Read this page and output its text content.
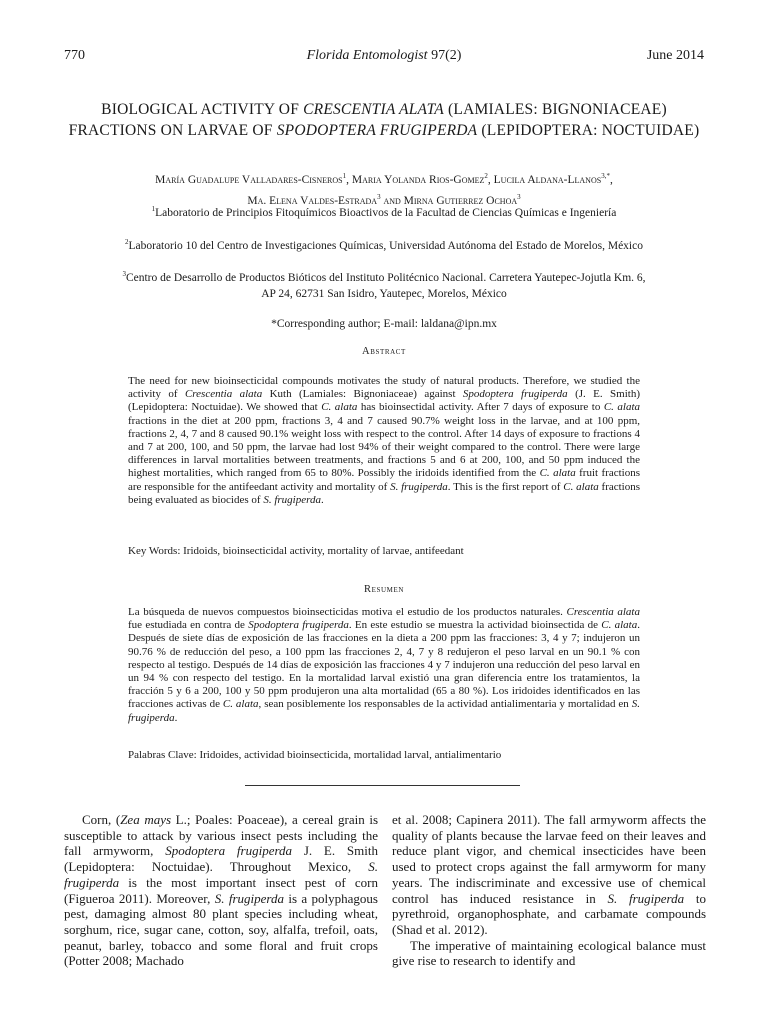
770	Florida Entomologist 97(2)	June 2014
BIOLOGICAL ACTIVITY OF CRESCENTIA ALATA (LAMIALES: BIGNONIACEAE) FRACTIONS ON LARVAE OF SPODOPTERA FRUGIPERDA (LEPIDOPTERA: NOCTUIDAE)
María Guadalupe Valladares-Cisneros$^1$, Maria Yolanda Rios-Gomez$^2$, Lucila Aldana-Llanos$^{3,*}$,
Ma. Elena Valdes-Estrada$^3$ and Mirna Gutierrez Ochoa$^3$
$^1$Laboratorio de Principios Fitoquímicos Bioactivos de la Facultad de Ciencias Químicas e Ingeniería
$^2$Laboratorio 10 del Centro de Investigaciones Químicas, Universidad Autónoma del Estado de Morelos, México
$^3$Centro de Desarrollo de Productos Bióticos del Instituto Politécnico Nacional. Carretera Yautepec-Jojutla Km. 6,
AP 24, 62731 San Isidro, Yautepec, Morelos, México
*Corresponding author; E-mail: laldana@ipn.mx
Abstract
The need for new bioinsecticidal compounds motivates the study of natural products. Therefore, we studied the activity of Crescentia alata Kuth (Lamiales: Bignoniaceae) against Spodoptera frugiperda (J. E. Smith) (Lepidoptera: Noctuidae). We showed that C. alata has bioinsectidal activity. After 7 days of exposure to C. alata fractions in the diet at 200 ppm, fractions 3, 4 and 7 caused 90.7% weight loss in the larvae, and at 100 ppm, fractions 2, 4, 7 and 8 caused 90.1% weight loss with respect to the control. After 14 days of exposure to fractions 4 and 7 at 200, 100, and 50 ppm, the larvae had lost 94% of their weight compared to the control. There were large differences in larval mortalities between treatments, and fractions 5 and 6 at 200, 100, and 50 ppm induced the highest mortalities, which ranged from 65 to 80%. Possibly the iridoids identified from the C. alata fruit fractions are responsible for the antifeedant activity and mortality of S. frugiperda. This is the first report of C. alata fractions being evaluated as biocides of S. frugiperda.
Key Words: Iridoids, bioinsecticidal activity, mortality of larvae, antifeedant
Resumen
La búsqueda de nuevos compuestos bioinsecticidas motiva el estudio de los productos naturales. Crescentia alata fue estudiada en contra de Spodoptera frugiperda. En este estudio se muestra la actividad bioinsectida de C. alata. Después de siete días de exposición de las fracciones en la dieta a 200 ppm las fracciones: 3, 4 y 7; indujeron un 90.76 % de reducción del peso, a 100 ppm las fracciones 2, 4, 7 y 8 redujeron el peso larval en un 90.1 % con respecto al testigo. Después de 14 días de exposición las fracciones 4 y 7 indujeron una reducción del peso larval en un 94 % con respecto del testigo. En la mortalidad larval existió una gran diferencia entre los tratamientos, la fracción 5 y 6 a 200, 100 y 50 ppm produjeron una alta mortalidad (65 a 80 %). Los iridoides identificados en las fracciones activas de C. alata, sean posiblemente los responsables de la actividad antialimentaria y mortalidad en S. frugiperda.
Palabras Clave: Iridoides, actividad bioinsecticida, mortalidad larval, antialimentario
Corn, (Zea mays L.; Poales: Poaceae), a cereal grain is susceptible to attack by various insect pests including the fall armyworm, Spodoptera frugiperda J. E. Smith (Lepidoptera: Noctuidae). Throughout Mexico, S. frugiperda is the most important insect pest of corn (Figueroa 2011). Moreover, S. frugiperda is a polyphagous pest, damaging almost 80 plant species including wheat, sorghum, rice, sugar cane, cotton, soy, alfalfa, trefoil, oats, peanut, barley, tobacco and some floral and fruit crops (Potter 2008; Machado

et al. 2008; Capinera 2011). The fall armyworm affects the quality of plants because the larvae feed on their leaves and reduce plant vigor, and chemical insecticides have been used to protect crops against the fall armyworm for many years. The indiscriminate and excessive use of chemical control has induced resistance in S. frugiperda to pyrethroid, organophosphate, and carbamate compounds (Shad et al. 2012).

The imperative of maintaining ecological balance must give rise to research to identify and
